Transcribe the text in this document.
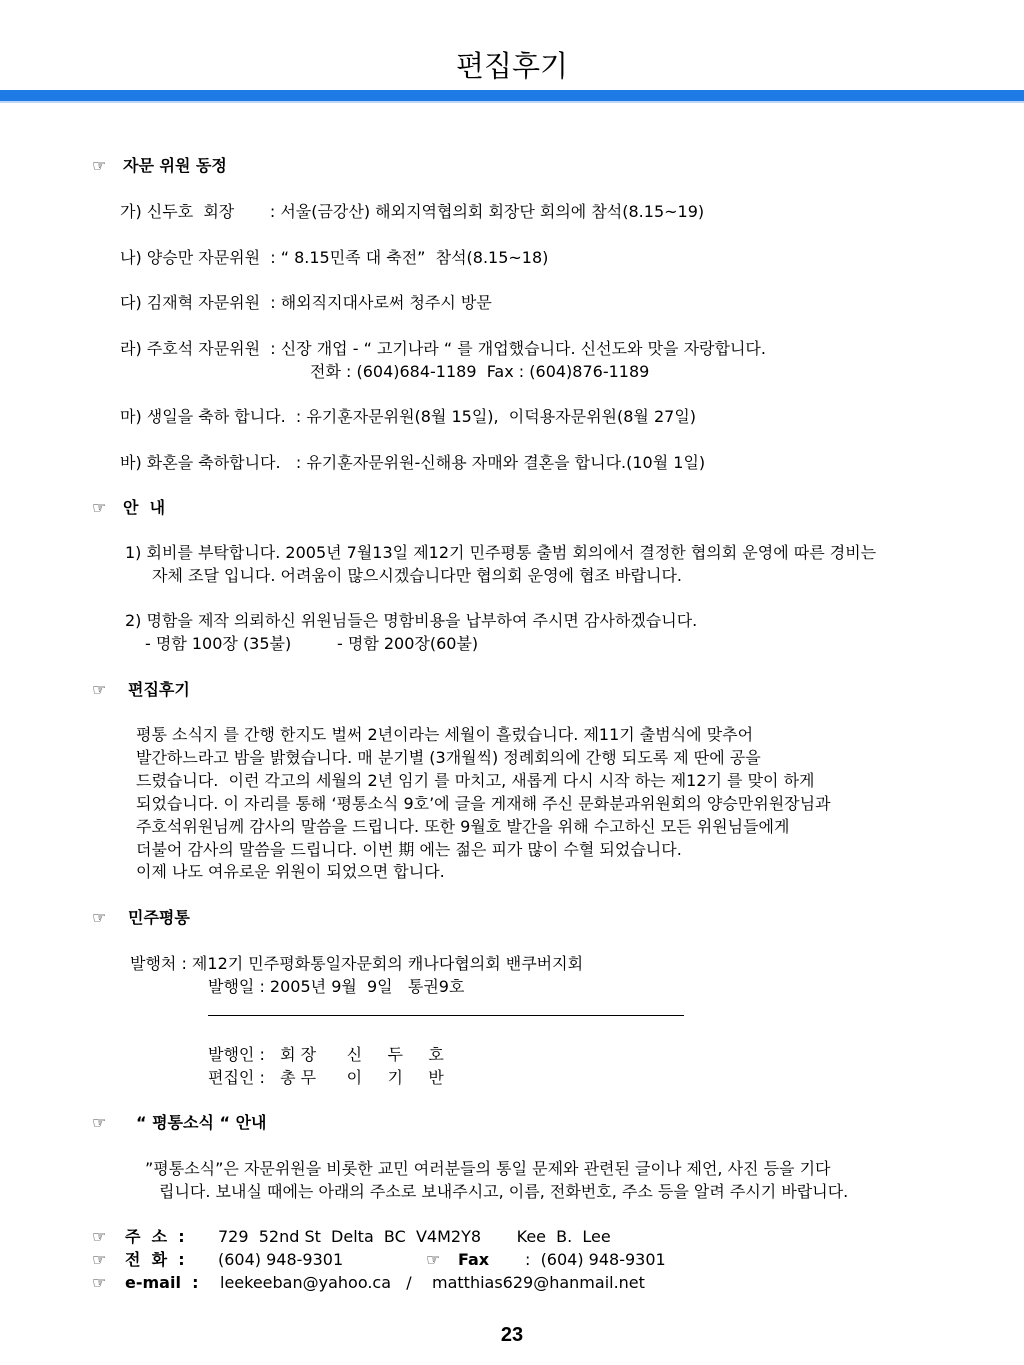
편집후기
☞ 자문 위원 동정
가) 신두호  회장       : 서울(금강산) 해외지역협의회 회장단 회의에 참석(8.15~19)
나) 양승만 자문위원  : “ 8.15민족 대 축전”  참석(8.15~18)
다) 김재혁 자문위원  : 해외직지대사로써 청주시 방문
라) 주호석 자문위원  : 신장 개업 - “ 고기나라 “ 를 개업했습니다. 신선도와 맛을 자랑합니다.
전화 : (604)684-1189  Fax : (604)876-1189
마) 생일을 축하 합니다.  : 유기훈자문위원(8월 15일),  이덕용자문위원(8월 27일)
바) 화혼을 축하합니다.   : 유기훈자문위원-신해용 자매와 결혼을 합니다.(10월 1일)
☞ 안  내
1) 회비를 부탁합니다. 2005년 7월13일 제12기 민주평통 출범 회의에서 결정한 협의회 운영에 따른 경비는
자체 조달 입니다. 어려움이 많으시겠습니다만 협의회 운영에 협조 바랍니다.
2) 명함을 제작 의뢰하신 위원님들은 명함비용을 납부하여 주시면 감사하겠습니다.
- 명함 100장 (35불)         - 명함 200장(60불)
☞ 편집후기
평통 소식지 를 간행 한지도 벌써 2년이라는 세월이 흘렀습니다. 제11기 출범식에 맞추어
발간하느라고 밤을 밝혔습니다. 매 분기별 (3개월씩) 정례회의에 간행 되도록 제 딴에 공을
드렸습니다.  이런 각고의 세월의 2년 임기 를 마치고, 새롭게 다시 시작 하는 제12기 를 맞이 하게
되었습니다. 이 자리를 통해 ‘평통소식 9호’에 글을 게재해 주신 문화분과위원회의 양승만위원장님과
주호석위원님께 감사의 말씀을 드립니다. 또한 9월호 발간을 위해 수고하신 모든 위원님들에게
더불어 감사의 말씀을 드립니다. 이번 期 에는 젊은 피가 많이 수혈 되었습니다.
이제 나도 여유로운 위원이 되었으면 합니다.
☞ 민주평통
발행처 : 제12기 민주평화통일자문회의 캐나다협의회 밴쿠버지회
발행일 : 2005년 9월  9일   통권9호
발행인 :   회 장      신     두     호
편집인 :   총 무      이     기     반
☞ “ 평통소식 “ 안내
”평통소식”은 자문위원을 비롯한 교민 여러분들의 통일 문제와 관련된 글이나 제언, 사진 등을 기다
립니다. 보내실 때에는 아래의 주소로 보내주시고, 이름, 전화번호, 주소 등을 알려 주시기 바랍니다.
☞ 주  소  : 729  52nd St  Delta  BC  V4M2Y8       Kee  B.  Lee
☞ 전  화  : (604) 948-9301	☞ Fax :  (604) 948-9301
☞ e-mail  : leekeeban@yahoo.ca   /    matthias629@hanmail.net
23
